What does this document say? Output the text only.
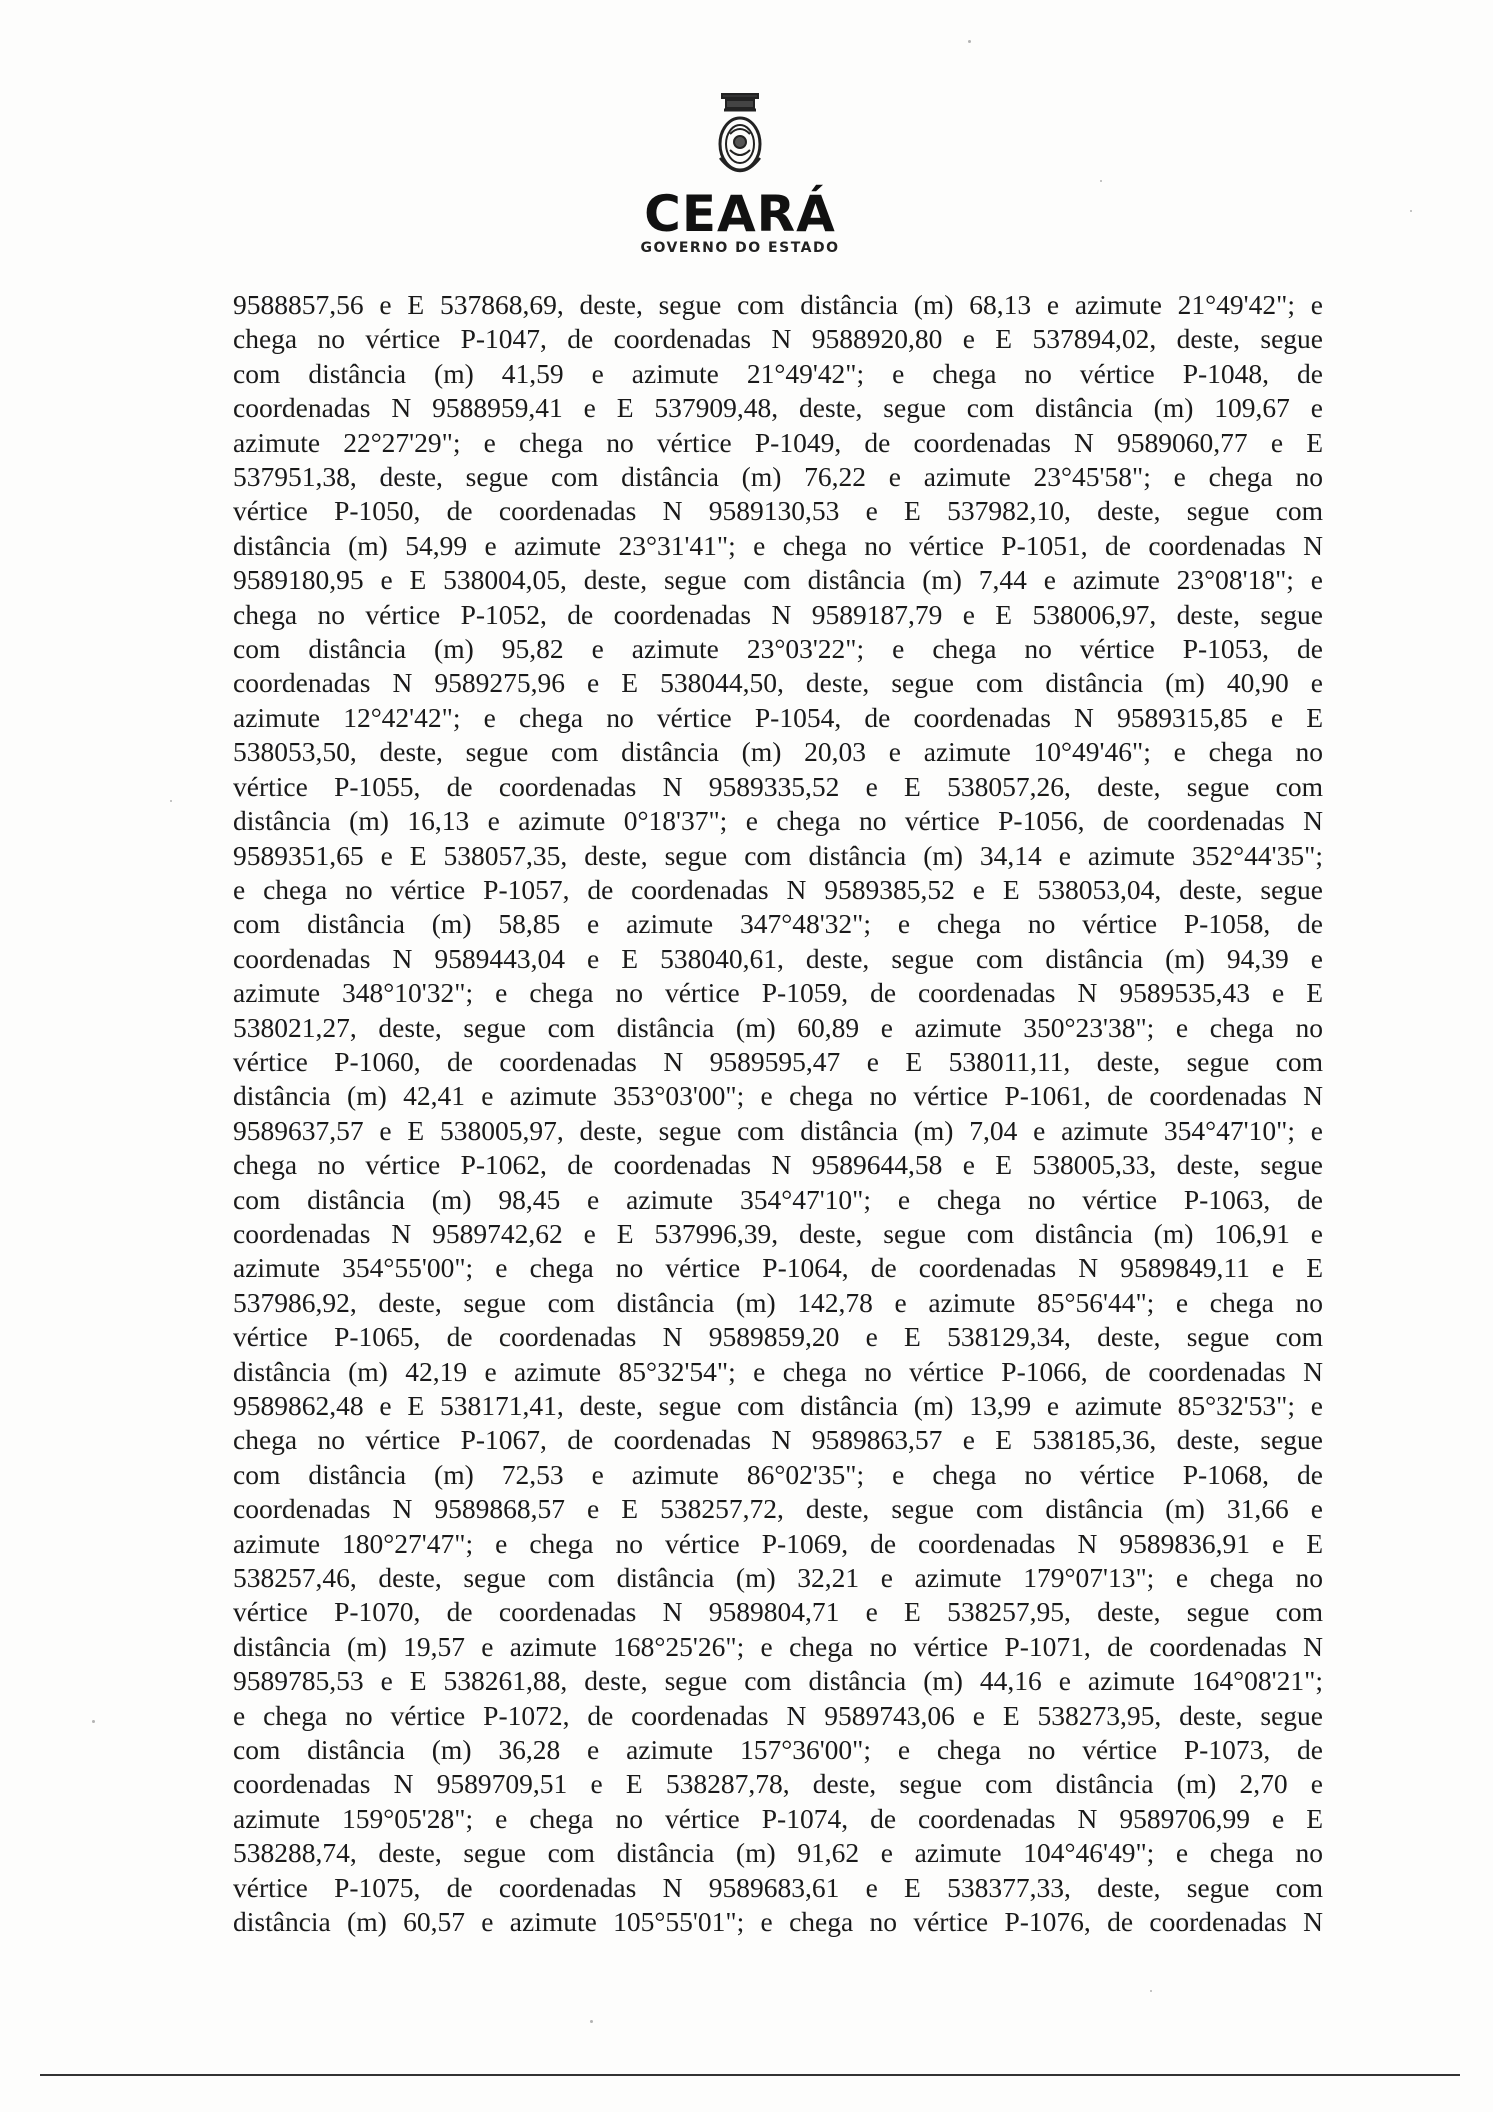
CEARÁ
GOVERNO DO ESTADO
9588857,56 e E 537868,69, deste, segue com distância (m) 68,13 e azimute 21°49'42"; e
chega no vértice P-1047, de coordenadas N 9588920,80 e E 537894,02, deste, segue
com distância (m) 41,59 e azimute 21°49'42"; e chega no vértice P-1048, de
coordenadas N 9588959,41 e E 537909,48, deste, segue com distância (m) 109,67 e
azimute 22°27'29"; e chega no vértice P-1049, de coordenadas N 9589060,77 e E
537951,38, deste, segue com distância (m) 76,22 e azimute 23°45'58"; e chega no
vértice P-1050, de coordenadas N 9589130,53 e E 537982,10, deste, segue com
distância (m) 54,99 e azimute 23°31'41"; e chega no vértice P-1051, de coordenadas N
9589180,95 e E 538004,05, deste, segue com distância (m) 7,44 e azimute 23°08'18"; e
chega no vértice P-1052, de coordenadas N 9589187,79 e E 538006,97, deste, segue
com distância (m) 95,82 e azimute 23°03'22"; e chega no vértice P-1053, de
coordenadas N 9589275,96 e E 538044,50, deste, segue com distância (m) 40,90 e
azimute 12°42'42"; e chega no vértice P-1054, de coordenadas N 9589315,85 e E
538053,50, deste, segue com distância (m) 20,03 e azimute 10°49'46"; e chega no
vértice P-1055, de coordenadas N 9589335,52 e E 538057,26, deste, segue com
distância (m) 16,13 e azimute 0°18'37"; e chega no vértice P-1056, de coordenadas N
9589351,65 e E 538057,35, deste, segue com distância (m) 34,14 e azimute 352°44'35";
e chega no vértice P-1057, de coordenadas N 9589385,52 e E 538053,04, deste, segue
com distância (m) 58,85 e azimute 347°48'32"; e chega no vértice P-1058, de
coordenadas N 9589443,04 e E 538040,61, deste, segue com distância (m) 94,39 e
azimute 348°10'32"; e chega no vértice P-1059, de coordenadas N 9589535,43 e E
538021,27, deste, segue com distância (m) 60,89 e azimute 350°23'38"; e chega no
vértice P-1060, de coordenadas N 9589595,47 e E 538011,11, deste, segue com
distância (m) 42,41 e azimute 353°03'00"; e chega no vértice P-1061, de coordenadas N
9589637,57 e E 538005,97, deste, segue com distância (m) 7,04 e azimute 354°47'10"; e
chega no vértice P-1062, de coordenadas N 9589644,58 e E 538005,33, deste, segue
com distância (m) 98,45 e azimute 354°47'10"; e chega no vértice P-1063, de
coordenadas N 9589742,62 e E 537996,39, deste, segue com distância (m) 106,91 e
azimute 354°55'00"; e chega no vértice P-1064, de coordenadas N 9589849,11 e E
537986,92, deste, segue com distância (m) 142,78 e azimute 85°56'44"; e chega no
vértice P-1065, de coordenadas N 9589859,20 e E 538129,34, deste, segue com
distância (m) 42,19 e azimute 85°32'54"; e chega no vértice P-1066, de coordenadas N
9589862,48 e E 538171,41, deste, segue com distância (m) 13,99 e azimute 85°32'53"; e
chega no vértice P-1067, de coordenadas N 9589863,57 e E 538185,36, deste, segue
com distância (m) 72,53 e azimute 86°02'35"; e chega no vértice P-1068, de
coordenadas N 9589868,57 e E 538257,72, deste, segue com distância (m) 31,66 e
azimute 180°27'47"; e chega no vértice P-1069, de coordenadas N 9589836,91 e E
538257,46, deste, segue com distância (m) 32,21 e azimute 179°07'13"; e chega no
vértice P-1070, de coordenadas N 9589804,71 e E 538257,95, deste, segue com
distância (m) 19,57 e azimute 168°25'26"; e chega no vértice P-1071, de coordenadas N
9589785,53 e E 538261,88, deste, segue com distância (m) 44,16 e azimute 164°08'21";
e chega no vértice P-1072, de coordenadas N 9589743,06 e E 538273,95, deste, segue
com distância (m) 36,28 e azimute 157°36'00"; e chega no vértice P-1073, de
coordenadas N 9589709,51 e E 538287,78, deste, segue com distância (m) 2,70 e
azimute 159°05'28"; e chega no vértice P-1074, de coordenadas N 9589706,99 e E
538288,74, deste, segue com distância (m) 91,62 e azimute 104°46'49"; e chega no
vértice P-1075, de coordenadas N 9589683,61 e E 538377,33, deste, segue com
distância (m) 60,57 e azimute 105°55'01"; e chega no vértice P-1076, de coordenadas N
